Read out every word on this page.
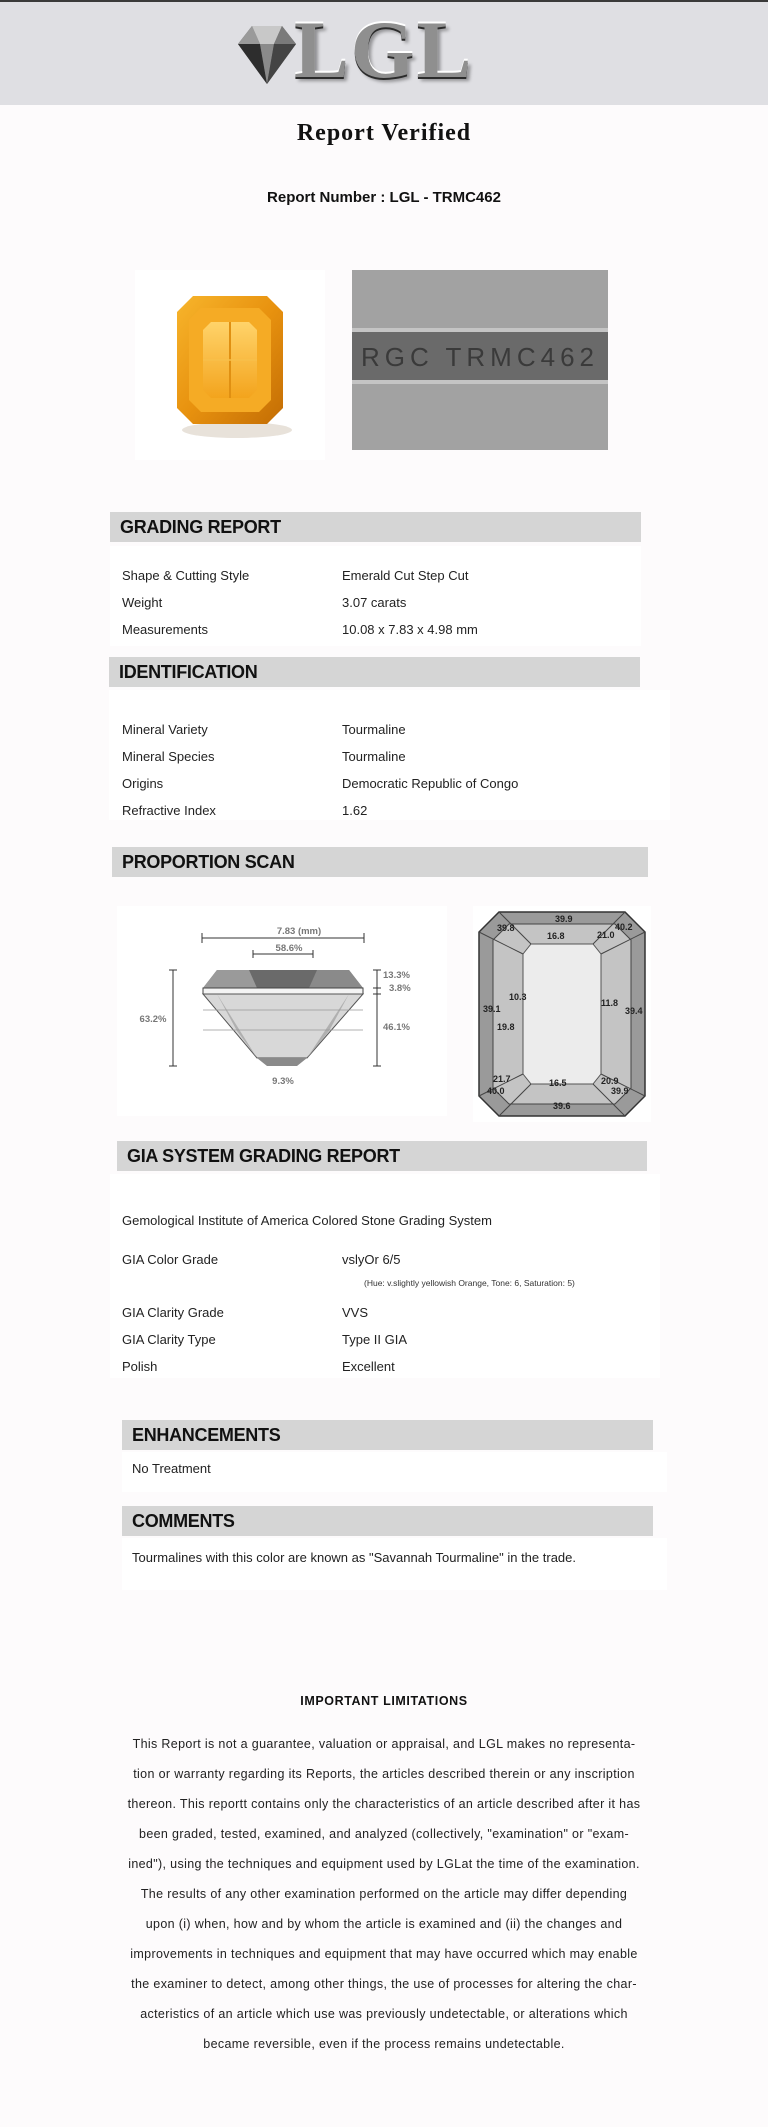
LGL
Report Verified
Report Number : LGL - TRMC462
RGC TRMC462
GRADING REPORT
Shape & Cutting Style	Emerald Cut Step Cut
Weight	3.07 carats
Measurements	10.08 x 7.83 x 4.98 mm
IDENTIFICATION
Mineral Variety	Tourmaline
Mineral Species	Tourmaline
Origins	Democratic Republic of Congo
Refractive Index	1.62
PROPORTION SCAN
7.83 (mm)
58.6%
63.2%
13.3%
3.8%
46.1%
9.3%
39.8
39.9
40.2
16.8	21.0
10.3
39.1
19.8
11.8
39.4
21.7
40.0
16.5	20.9
39.9
39.6
GIA SYSTEM GRADING REPORT
Gemological Institute of America Colored Stone Grading System
GIA Color Grade	vslyOr 6/5
(Hue: v.slightly yellowish Orange, Tone: 6, Saturation: 5)
GIA Clarity Grade	VVS
GIA Clarity Type	Type II GIA
Polish	Excellent
ENHANCEMENTS
No Treatment
COMMENTS
Tourmalines with this color are known as "Savannah Tourmaline" in the trade.
IMPORTANT LIMITATIONS
This Report is not a guarantee, valuation or appraisal, and LGL makes no representa-
tion or warranty regarding its Reports, the articles described therein or any inscription
thereon. This reportt contains only the characteristics of an article described after it has
been graded, tested, examined, and analyzed (collectively, "examination" or "exam-
ined"), using the techniques and equipment used by LGLat the time of the examination.
The results of any other examination performed on the article may differ depending
upon (i) when, how and by whom the article is examined and (ii) the changes and
improvements in techniques and equipment that may have occurred which may enable
the examiner to detect, among other things, the use of processes for altering the char-
acteristics of an article which use was previously undetectable, or alterations which
became reversible, even if the process remains undetectable.
